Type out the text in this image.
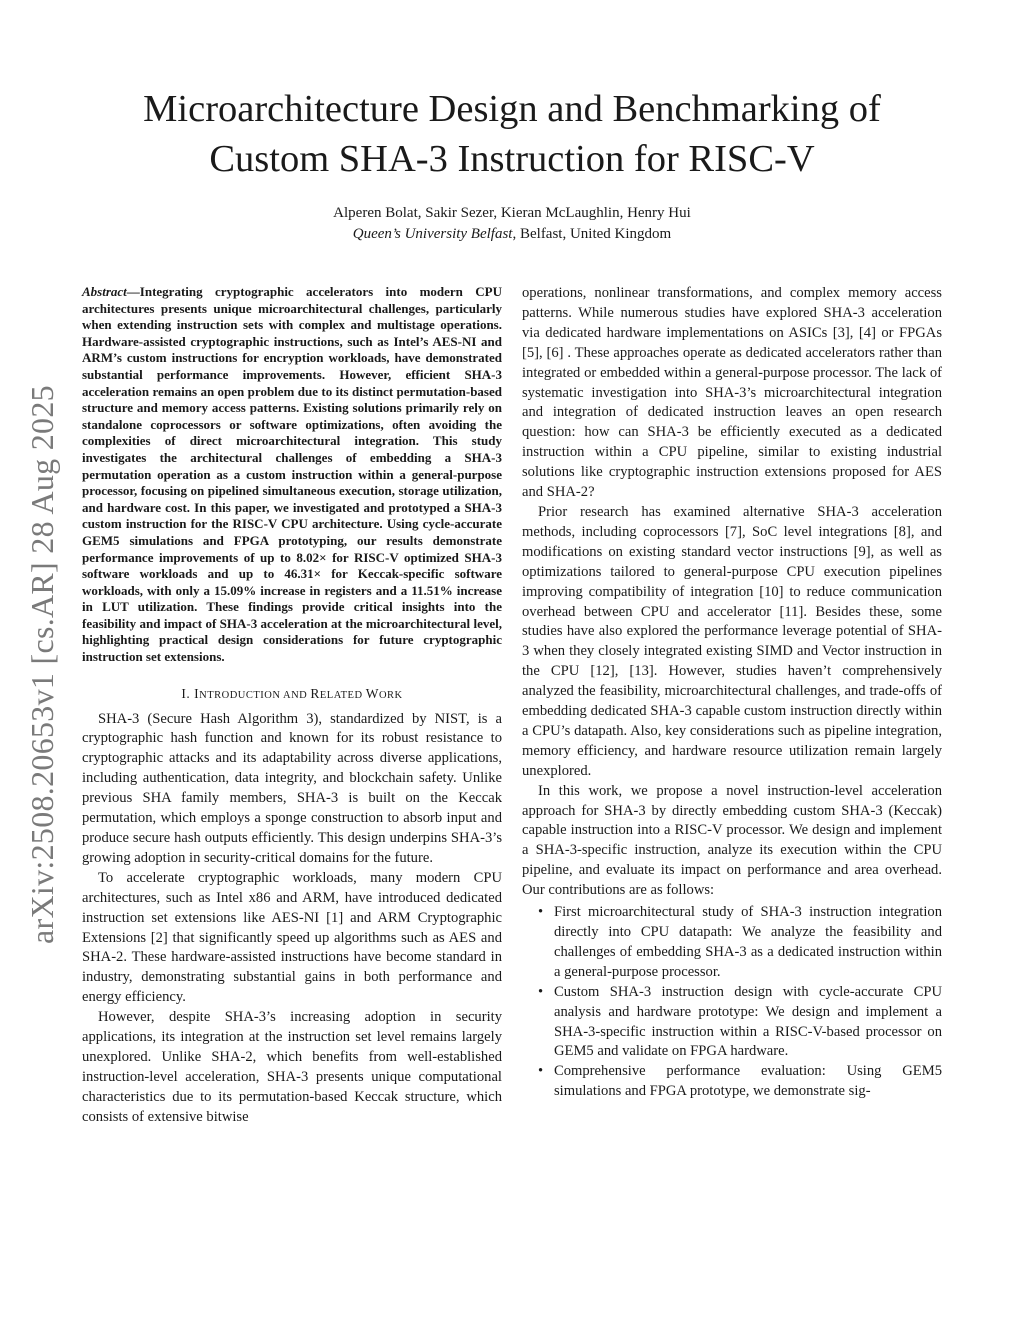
arXiv:2508.20653v1 [cs.AR] 28 Aug 2025
Microarchitecture Design and Benchmarking of
Custom SHA-3 Instruction for RISC-V
Alperen Bolat, Sakir Sezer, Kieran McLaughlin, Henry Hui
Queen’s University Belfast, Belfast, United Kingdom

Abstract—Integrating cryptographic accelerators into modern CPU architectures presents unique microarchitectural challenges, particularly when extending instruction sets with complex and multistage operations. Hardware-assisted cryptographic instructions, such as Intel’s AES-NI and ARM’s custom instructions for encryption workloads, have demonstrated substantial performance improvements. However, efficient SHA-3 acceleration remains an open problem due to its distinct permutation-based structure and memory access patterns. Existing solutions primarily rely on standalone coprocessors or software optimizations, often avoiding the complexities of direct microarchitectural integration. This study investigates the architectural challenges of embedding a SHA-3 permutation operation as a custom instruction within a general-purpose processor, focusing on pipelined simultaneous execution, storage utilization, and hardware cost. In this paper, we investigated and prototyped a SHA-3 custom instruction for the RISC-V CPU architecture. Using cycle-accurate GEM5 simulations and FPGA prototyping, our results demonstrate performance improvements of up to 8.02× for RISC-V optimized SHA-3 software workloads and up to 46.31× for Keccak-specific software workloads, with only a 15.09% increase in registers and a 11.51% increase in LUT utilization. These findings provide critical insights into the feasibility and impact of SHA-3 acceleration at the microarchitectural level, highlighting practical design considerations for future cryptographic instruction set extensions.

I. INTRODUCTION AND RELATED WORK

SHA-3 (Secure Hash Algorithm 3), standardized by NIST, is a cryptographic hash function and known for its robust resistance to cryptographic attacks and its adaptability across diverse applications, including authentication, data integrity, and blockchain safety. Unlike previous SHA family members, SHA-3 is built on the Keccak permutation, which employs a sponge construction to absorb input and produce secure hash outputs efficiently. This design underpins SHA-3’s growing adoption in security-critical domains for the future.

To accelerate cryptographic workloads, many modern CPU architectures, such as Intel x86 and ARM, have introduced dedicated instruction set extensions like AES-NI [1] and ARM Cryptographic Extensions [2] that significantly speed up algorithms such as AES and SHA-2. These hardware-assisted instructions have become standard in industry, demonstrating substantial gains in both performance and energy efficiency.

However, despite SHA-3’s increasing adoption in security applications, its integration at the instruction set level remains largely unexplored. Unlike SHA-2, which benefits from well-established instruction-level acceleration, SHA-3 presents unique computational characteristics due to its permutation-based Keccak structure, which consists of extensive bitwise

operations, nonlinear transformations, and complex memory access patterns. While numerous studies have explored SHA-3 acceleration via dedicated hardware implementations on ASICs [3], [4] or FPGAs [5], [6] . These approaches operate as dedicated accelerators rather than integrated or embedded within a general-purpose processor. The lack of systematic investigation into SHA-3’s microarchitectural integration and integration of dedicated instruction leaves an open research question: how can SHA-3 be efficiently executed as a dedicated instruction within a CPU pipeline, similar to existing industrial solutions like cryptographic instruction extensions proposed for AES and SHA-2?

Prior research has examined alternative SHA-3 acceleration methods, including coprocessors [7], SoC level integrations [8], and modifications on existing standard vector instructions [9], as well as optimizations tailored to general-purpose CPU execution pipelines improving compatibility of integration [10] to reduce communication overhead between CPU and accelerator [11]. Besides these, some studies have also explored the performance leverage potential of SHA-3 when they closely integrated existing SIMD and Vector instruction in the CPU [12], [13]. However, studies haven’t comprehensively analyzed the feasibility, microarchitectural challenges, and trade-offs of embedding dedicated SHA-3 capable custom instruction directly within a CPU’s datapath. Also, key considerations such as pipeline integration, memory efficiency, and hardware resource utilization remain largely unexplored.

In this work, we propose a novel instruction-level acceleration approach for SHA-3 by directly embedding custom SHA-3 (Keccak) capable instruction into a RISC-V processor. We design and implement a SHA-3-specific instruction, analyze its execution within the CPU pipeline, and evaluate its impact on performance and area overhead. Our contributions are as follows:

• First microarchitectural study of SHA-3 instruction integration directly into CPU datapath: We analyze the feasibility and challenges of embedding SHA-3 as a dedicated instruction within a general-purpose processor.
• Custom SHA-3 instruction design with cycle-accurate CPU analysis and hardware prototype: We design and implement a SHA-3-specific instruction within a RISC-V-based processor on GEM5 and validate on FPGA hardware.
• Comprehensive performance evaluation: Using GEM5 simulations and FPGA prototype, we demonstrate sig-
